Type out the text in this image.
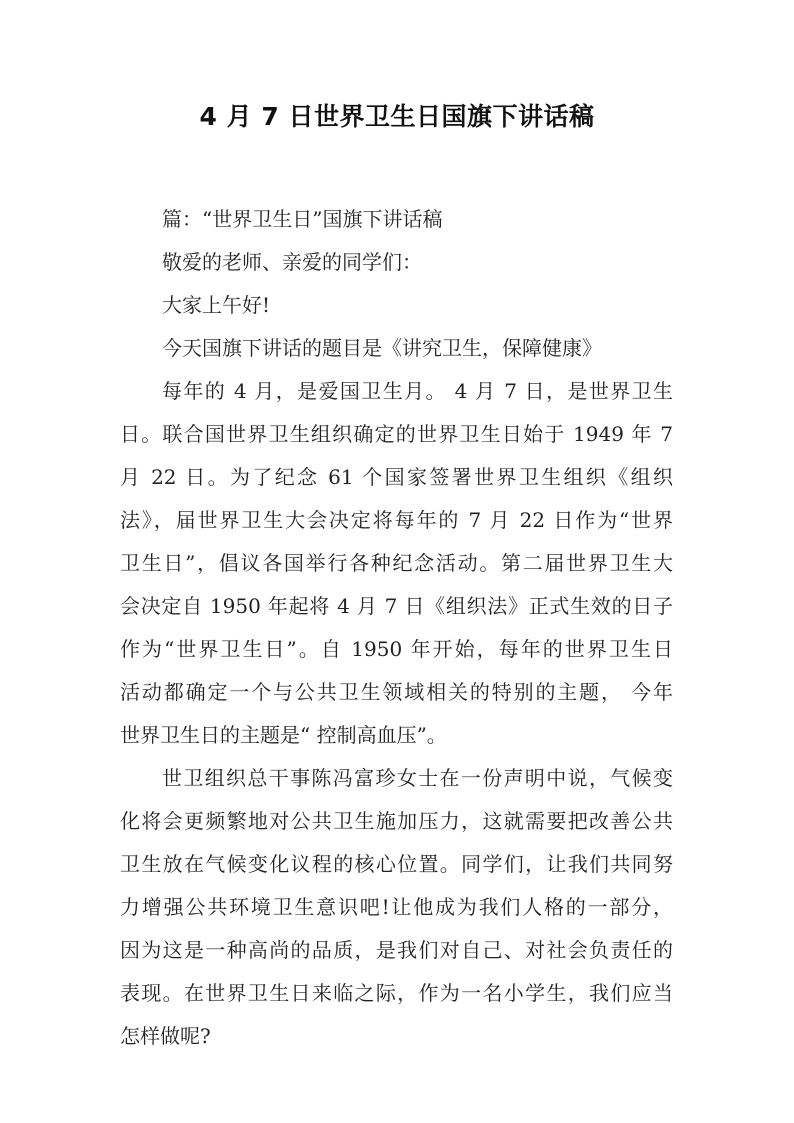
4 月 7 日世界卫生日国旗下讲话稿
篇：“世界卫生日”国旗下讲话稿
敬爱的老师、亲爱的同学们：
大家上午好!
今天国旗下讲话的题目是《讲究卫生，保障健康》
每年的 4 月，是爱国卫生月。 4 月 7 日，是世界卫生
日。联合国世界卫生组织确定的世界卫生日始于 1949 年 7
月 22 日。为了纪念 61 个国家签署世界卫生组织《组织
法》，届世界卫生大会决定将每年的 7 月 22 日作为“世界
卫生日”，倡议各国举行各种纪念活动。第二届世界卫生大
会决定自 1950 年起将 4 月 7 日《组织法》正式生效的日子
作为“世界卫生日”。自 1950 年开始，每年的世界卫生日
活动都确定一个与公共卫生领域相关的特别的主题， 今年
世界卫生日的主题是“ 控制高血压”。
世卫组织总干事陈冯富珍女士在一份声明中说，气候变
化将会更频繁地对公共卫生施加压力，这就需要把改善公共
卫生放在气候变化议程的核心位置。同学们，让我们共同努
力增强公共环境卫生意识吧!让他成为我们人格的一部分，
因为这是一种高尚的品质，是我们对自己、对社会负责任的
表现。在世界卫生日来临之际，作为一名小学生，我们应当
怎样做呢?
